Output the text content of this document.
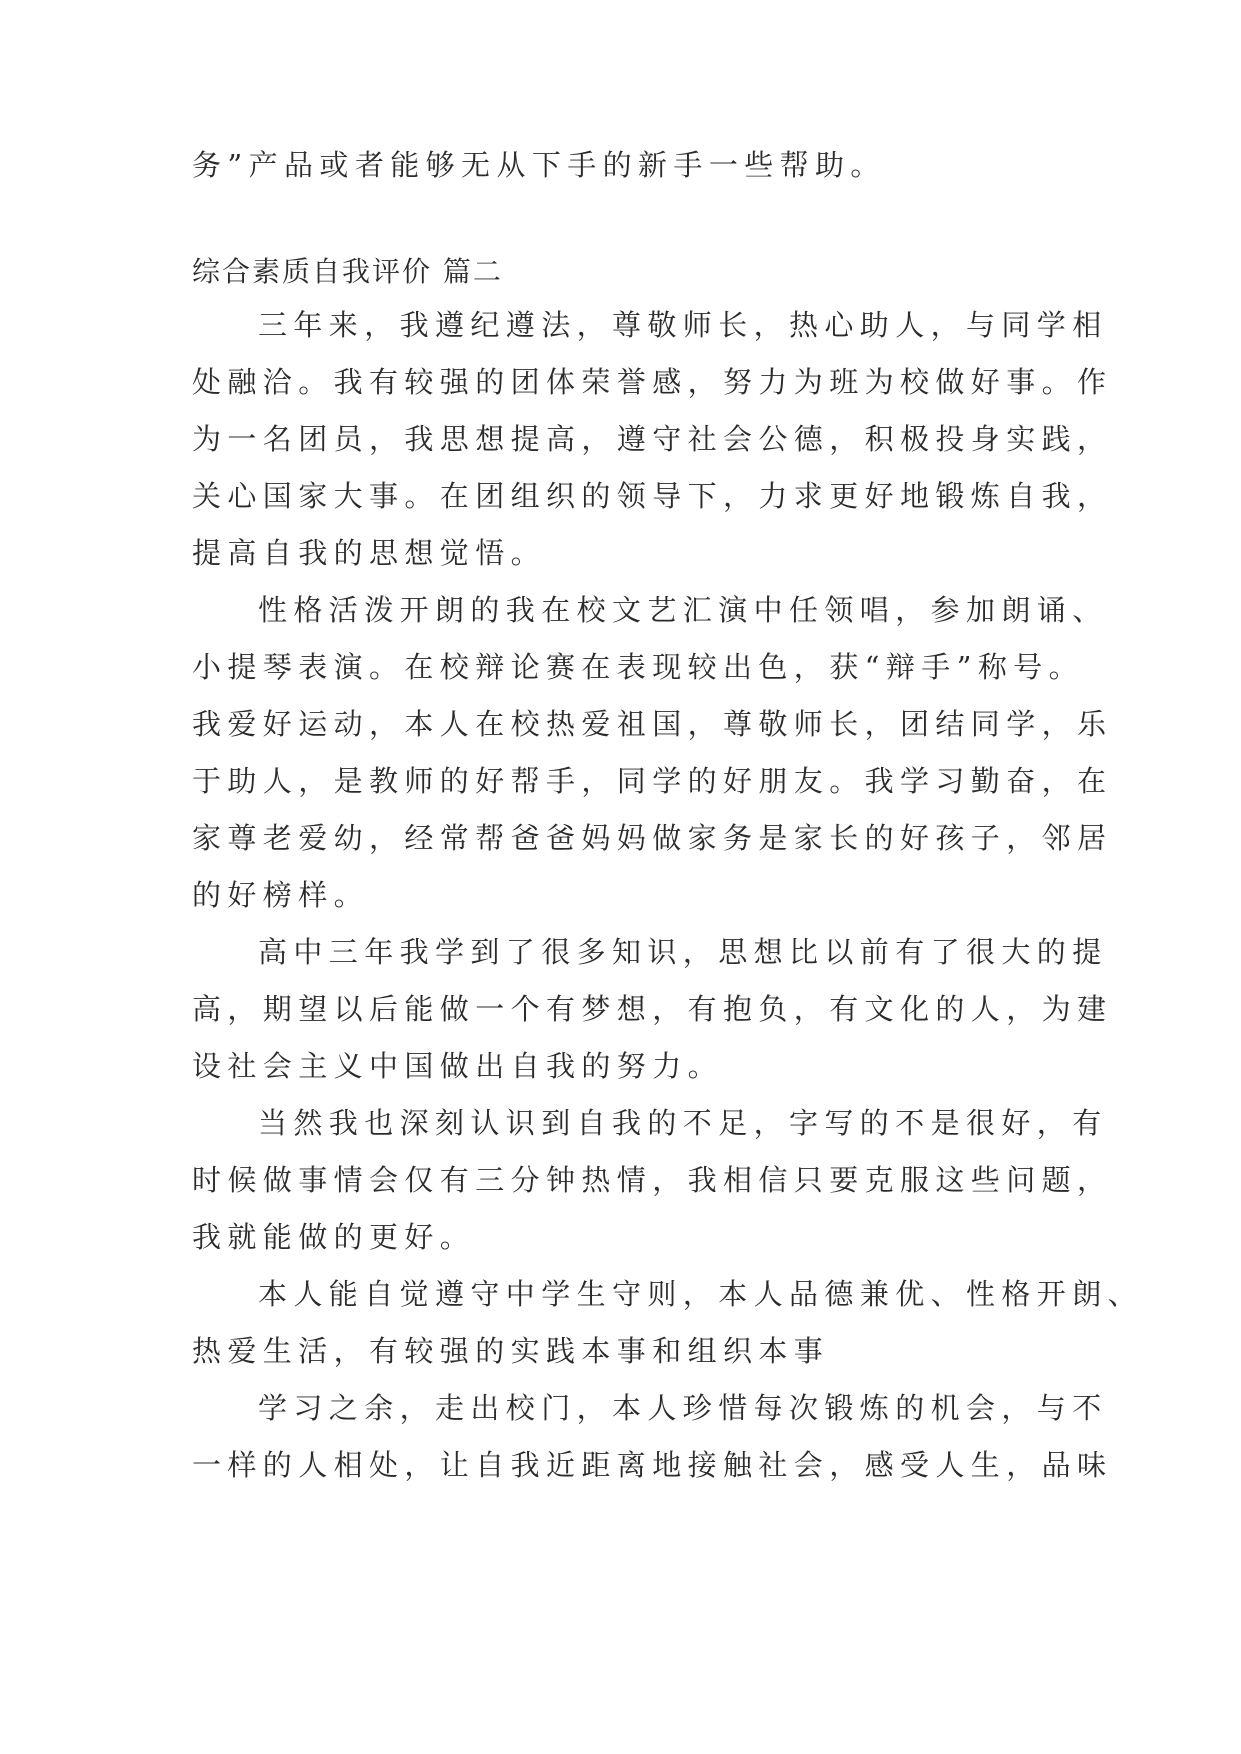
务”产品或者能够无从下手的新手一些帮助。
综合素质自我评价 篇二
三年来，我遵纪遵法，尊敬师长，热心助人，与同学相
处融洽。我有较强的团体荣誉感，努力为班为校做好事。作
为一名团员，我思想提高，遵守社会公德，积极投身实践，
关心国家大事。在团组织的领导下，力求更好地锻炼自我，
提高自我的思想觉悟。
性格活泼开朗的我在校文艺汇演中任领唱，参加朗诵、
小提琴表演。在校辩论赛在表现较出色，获“辩手”称号。
我爱好运动，本人在校热爱祖国，尊敬师长，团结同学，乐
于助人，是教师的好帮手，同学的好朋友。我学习勤奋，在
家尊老爱幼，经常帮爸爸妈妈做家务是家长的好孩子，邻居
的好榜样。
高中三年我学到了很多知识，思想比以前有了很大的提
高，期望以后能做一个有梦想，有抱负，有文化的人，为建
设社会主义中国做出自我的努力。
当然我也深刻认识到自我的不足，字写的不是很好，有
时候做事情会仅有三分钟热情，我相信只要克服这些问题，
我就能做的更好。
本人能自觉遵守中学生守则，本人品德兼优、性格开朗、
热爱生活，有较强的实践本事和组织本事
学习之余，走出校门，本人珍惜每次锻炼的机会，与不
一样的人相处，让自我近距离地接触社会，感受人生，品味
